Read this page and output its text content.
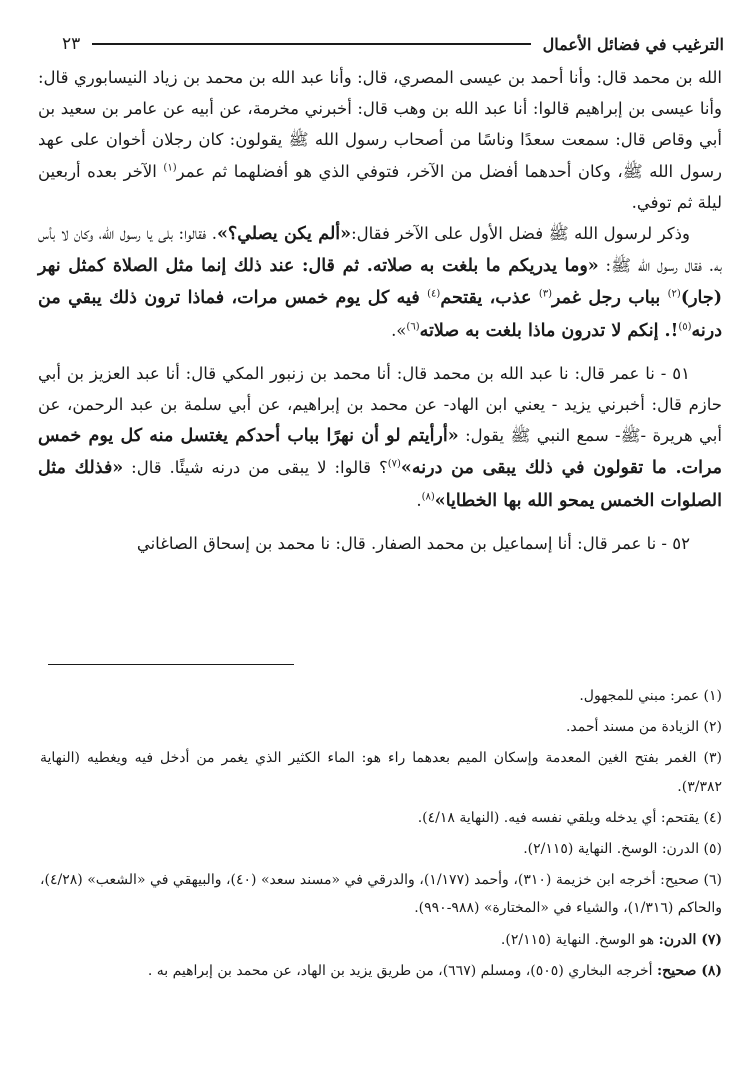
الترغيب في فضائل الأعمال
٢٣

الله بن محمد قال: وأنا أحمد بن عيسى المصري، قال: وأنا عبد الله بن محمد بن زياد النيسابوري قال: وأنا عيسى بن إبراهيم قالوا: أنا عبد الله بن وهب قال: أخبرني مخرمة، عن أبيه عن عامر بن سعيد بن أبي وقاص قال: سمعت سعدًا وناسًا من أصحاب رسول الله ﷺ يقولون: كان رجلان أخوان على عهد رسول الله ﷺ، وكان أحدهما أفضل من الآخر، فتوفي الذي هو أفضلهما ثم عمر$^{(١)}$ الآخر بعده أربعين ليلة ثم توفي.

وذكر لرسول الله ﷺ فضل الأول على الآخر فقال:«ألم يكن يصلي؟». فقالوا: بلى يا رسول الله، وكان لا بأس به. فقال رسول الله ﷺ: «وما يدريكم ما بلغت به صلاته. ثم قال: عند ذلك إنما مثل الصلاة كمثل نهر (جار)$^{(٢)}$ بباب رجل غمر$^{(٣)}$ عذب، يقتحم$^{(٤)}$ فيه كل يوم خمس مرات، فماذا ترون ذلك يبقي من درنه$^{(٥)}$!. إنكم لا تدرون ماذا بلغت به صلاته$^{(٦)}$».

٥١ - نا عمر قال: نا عبد الله بن محمد قال: أنا محمد بن زنبور المكي قال: أنا عبد العزيز بن أبي حازم قال: أخبرني يزيد - يعني ابن الهاد- عن محمد بن إبراهيم، عن أبي سلمة بن عبد الرحمن، عن أبي هريرة -ﷺ- سمع النبي ﷺ يقول: «أرأيتم لو أن نهرًا بباب أحدكم يغتسل منه كل يوم خمس مرات. ما تقولون في ذلك يبقى من درنه»$^{(٧)}$؟ قالوا: لا يبقى من درنه شيئًا. قال: «فذلك مثل الصلوات الخمس يمحو الله بها الخطايا»$^{(٨)}$.

٥٢ - نا عمر قال: أنا إسماعيل بن محمد الصفار. قال: نا محمد بن إسحاق الصاغاني

(١) عمر: مبني للمجهول.

(٢) الزيادة من مسند أحمد.

(٣) الغمر بفتح الغين المعدمة وإسكان الميم بعدهما راء هو: الماء الكثير الذي يغمر من أدخل فيه ويغطيه (النهاية ٣/٣٨٢).

(٤) يقتحم: أي يدخله ويلقي نفسه فيه. (النهاية ٤/١٨).

(٥) الدرن: الوسخ. النهاية (٢/١١٥).

(٦) صحيح: أخرجه ابن خزيمة (٣١٠)، وأحمد (١/١٧٧)، والدرقي في «مسند سعد» (٤٠)، والبيهقي في «الشعب» (٤/٢٨)، والحاكم (١/٣١٦)، والشياء في «المختارة» (٩٨٨-٩٩٠).

(٧) الدرن: هو الوسخ. النهاية (٢/١١٥).

(٨) صحيح: أخرجه البخاري (٥٠٥)، ومسلم (٦٦٧)، من طريق يزيد بن الهاد، عن محمد بن إبراهيم به .
